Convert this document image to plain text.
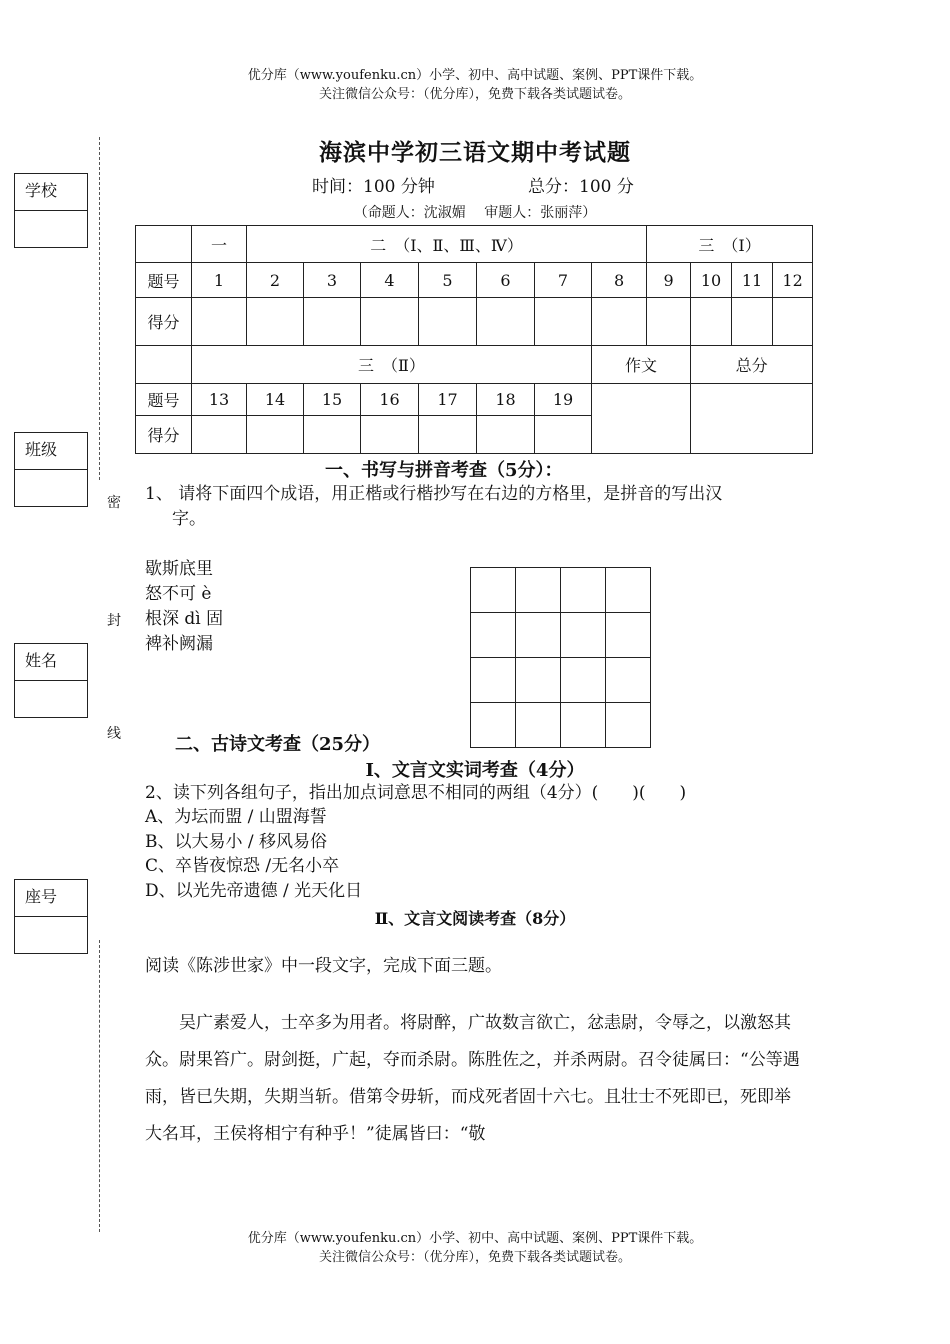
优分库（www.youfenku.cn）小学、初中、高中试题、案例、PPT课件下载。
关注微信公众号：（优分库），免费下载各类试题试卷。
学校
班级
姓名
座号
密
封
线
海滨中学初三语文期中考试题
时间：100 分钟	总分：100 分
（命题人：沈淑媚　 审题人：张丽萍）
	一	二　（Ⅰ、Ⅱ、Ⅲ、Ⅳ）							三　（Ⅰ）			
题号	1	2	3	4	5	6	7	8	9	10	11	12
得分												
	三　（Ⅱ）							作文		总分		
题号	13	14	15	16	17	18	19					
得分												
一、书写与拼音考查（5分）：
1、 请将下面四个成语，用正楷或行楷抄写在右边的方格里，是拼音的写出汉
字。
歇斯底里
怒不可 è
根深 dì 固
裨补阙漏

二、古诗文考查（25分）
Ⅰ、文言文实词考查（4分）
2、读下列各组句子，指出加点词意思不相同的两组（4分）(　　)(　　)
A、为坛而盟 / 山盟海誓
B、以大易小 / 移风易俗
C、卒皆夜惊恐 /无名小卒
D、以光先帝遗德 / 光天化日
Ⅱ、文言文阅读考查（8分）
阅读《陈涉世家》中一段文字，完成下面三题。
吴广素爱人，士卒多为用者。将尉醉，广故数言欲亡，忿恚尉，令辱之，以激怒其众。尉果笞广。尉剑挺，广起，夺而杀尉。陈胜佐之，并杀两尉。召令徒属曰：“公等遇雨，皆已失期，失期当斩。借第令毋斩，而戍死者固十六七。且壮士不死即已，死即举大名耳，王侯将相宁有种乎！”徒属皆曰：“敬
优分库（www.youfenku.cn）小学、初中、高中试题、案例、PPT课件下载。
关注微信公众号：（优分库），免费下载各类试题试卷。
